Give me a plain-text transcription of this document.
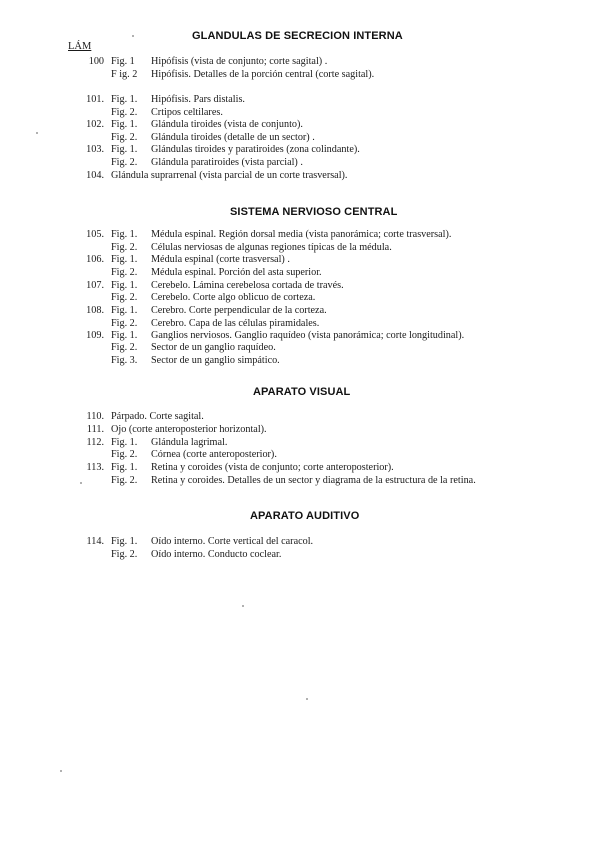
LÁM
GLANDULAS DE SECRECION INTERNA
100 Fig. 1 Hipófisis (vista de conjunto; corte sagital) .
F ig. 2 Hipófisis. Detalles de la porción central (corte sagital).
101. Fig. 1. Hipófisis. Pars distalis.
Fig. 2. Crtipos celtilares.
102. Fig. 1. Glándula tiroides (vista de conjunto).
Fig. 2. Glándula tiroides (detalle de un sector) .
103. Fig. 1. Glándulas tiroides y paratiroides (zona colindante).
Fig. 2. Glándula paratiroides (vista parcial) .
104. Glándula suprarrenal (vista parcial de un corte trasversal).
SISTEMA NERVIOSO CENTRAL
105. Fig. 1. Médula espinal. Región dorsal media (vista panorámica; corte trasversal).
Fig. 2. Células nerviosas de algunas regiones típicas de la médula.
106. Fig. 1. Médula espinal (corte trasversal) .
Fig. 2. Médula espinal. Porción del asta superior.
107. Fig. 1. Cerebelo. Lámina cerebelosa cortada de través.
Fig. 2. Cerebelo. Corte algo oblicuo de corteza.
108. Fig. 1. Cerebro. Corte perpendicular de la corteza.
Fig. 2. Cerebro. Capa de las células piramidales.
109. Fig. 1. Ganglios nerviosos. Ganglio raquídeo (vista panorámica; corte longitudinal).
Fig. 2. Sector de un ganglio raquídeo.
Fig. 3. Sector de un ganglio simpático.
APARATO VISUAL
110. Párpado. Corte sagital.
111. Ojo (corte anteroposterior horizontal).
112. Fig. 1. Glándula lagrimal.
Fig. 2. Córnea (corte anteroposterior).
113. Fig. 1. Retina y coroides (vista de conjunto; corte anteroposterior).
Fig. 2. Retina y coroides. Detalles de un sector y diagrama de la estructura de la retina.
APARATO AUDITIVO
114. Fig. 1. Oído interno. Corte vertical del caracol.
Fig. 2. Oído interno. Conducto coclear.
